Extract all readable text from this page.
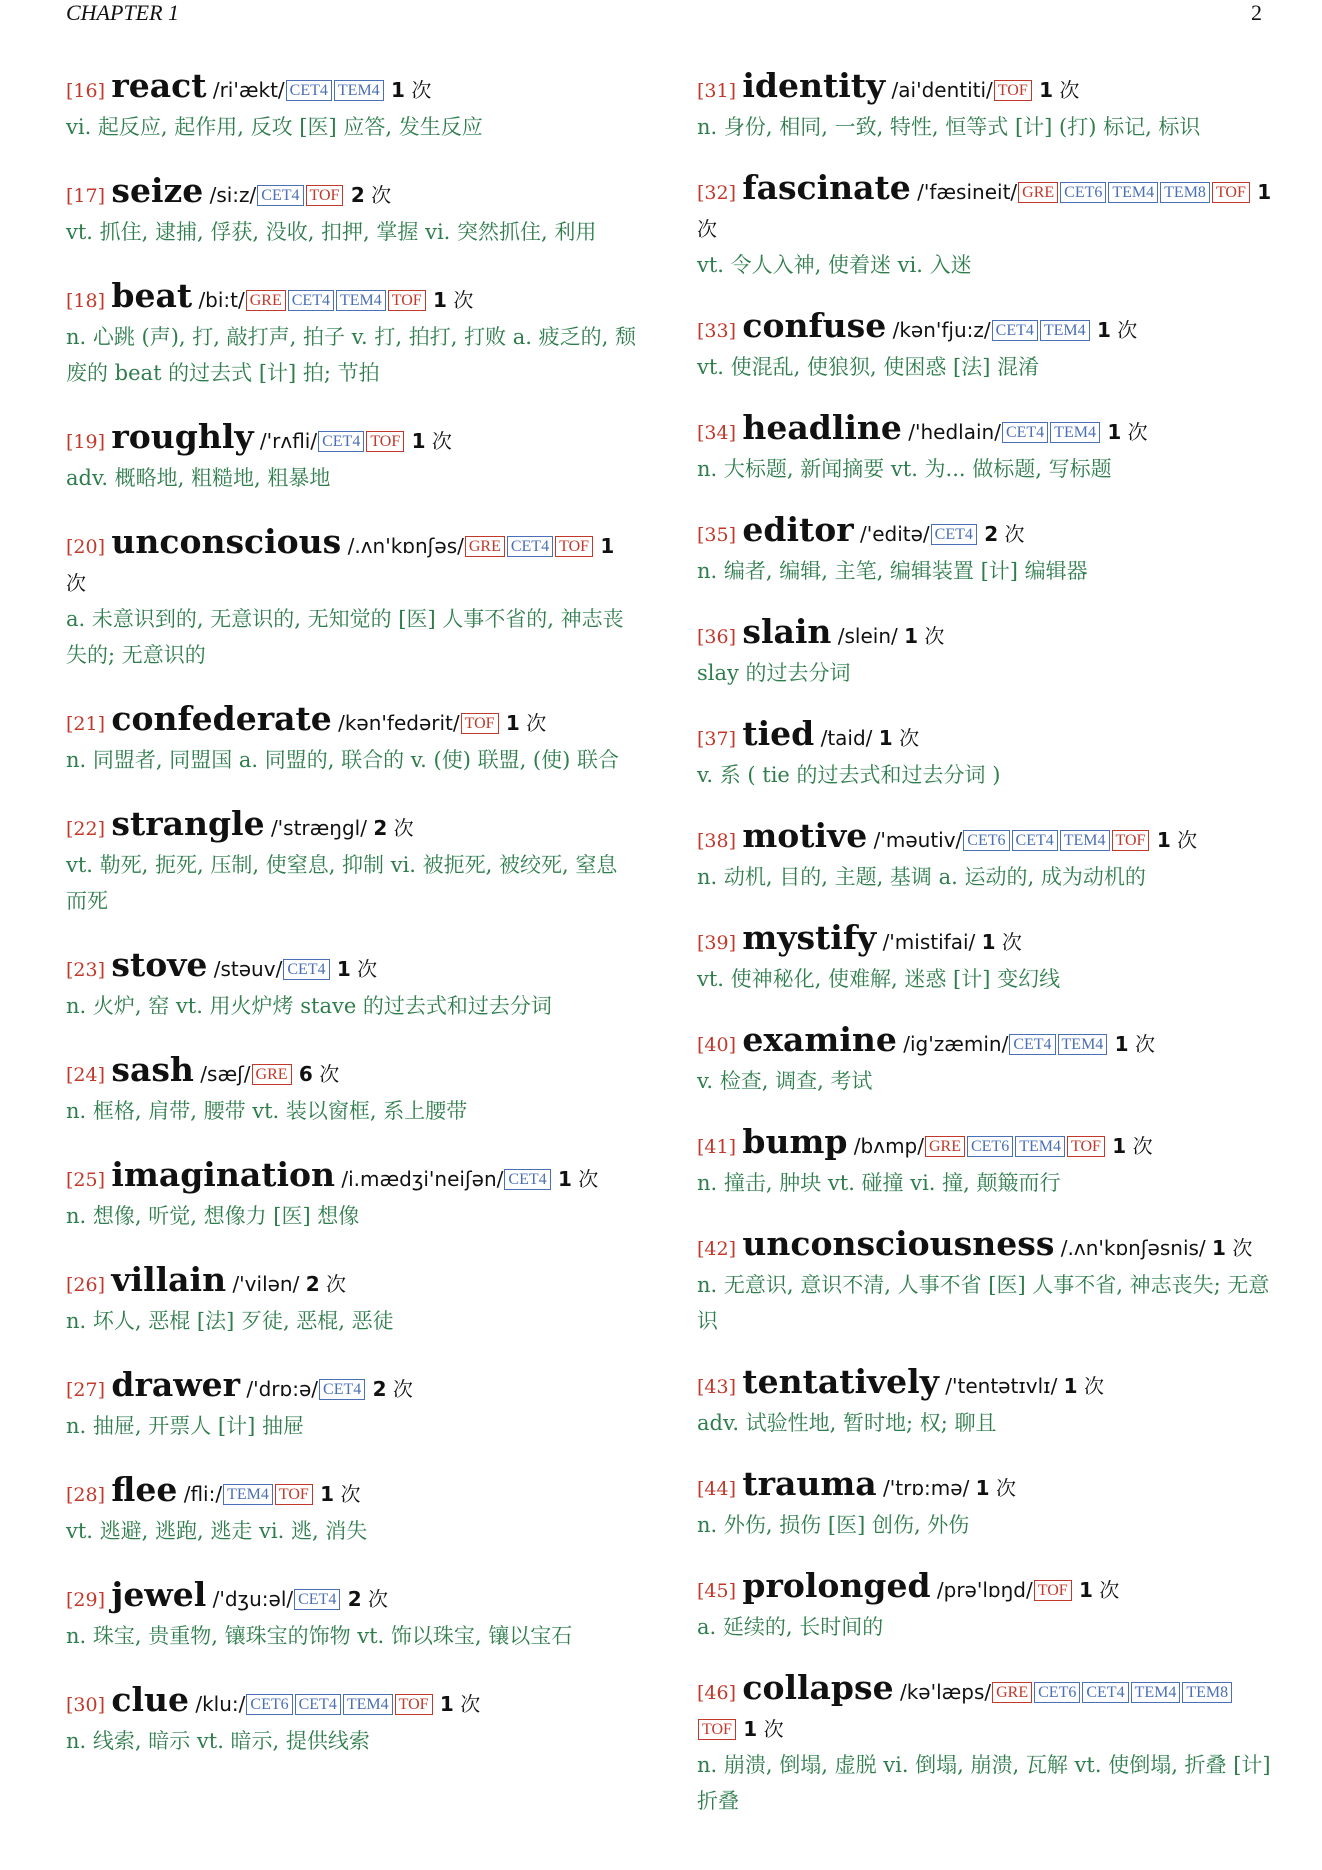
CHAPTER 1	2
[16] react /ri'ækt/ CET4 TEM4 1 次
vi. 起反应, 起作用, 反攻 [医] 应答, 发生反应
[17] seize /si:z/ CET4 TOF 2 次
vt. 抓住, 逮捕, 俘获, 没收, 扣押, 掌握 vi. 突然抓住, 利用
[18] beat /bi:t/ GRE CET4 TEM4 TOF 1 次
n. 心跳 (声), 打, 敲打声, 拍子 v. 打, 拍打, 打败 a. 疲乏的, 颓废的 beat 的过去式 [计] 拍; 节拍
[19] roughly /'rʌfli/ CET4 TOF 1 次
adv. 概略地, 粗糙地, 粗暴地
[20] unconscious /.ʌn'kɒnʃəs/ GRE CET4 TOF 1 次
a. 未意识到的, 无意识的, 无知觉的 [医] 人事不省的, 神志丧失的; 无意识的
[21] confederate /kən'fedərit/ TOF 1 次
n. 同盟者, 同盟国 a. 同盟的, 联合的 v. (使) 联盟, (使) 联合
[22] strangle /'stræŋgl/ 2 次
vt. 勒死, 扼死, 压制, 使窒息, 抑制 vi. 被扼死, 被绞死, 窒息而死
[23] stove /stəuv/ CET4 1 次
n. 火炉, 窑 vt. 用火炉烤 stave 的过去式和过去分词
[24] sash /sæʃ/ GRE 6 次
n. 框格, 肩带, 腰带 vt. 装以窗框, 系上腰带
[25] imagination /i.mædʒi'neiʃən/ CET4 1 次
n. 想像, 听觉, 想像力 [医] 想像
[26] villain /'vilən/ 2 次
n. 坏人, 恶棍 [法] 歹徒, 恶棍, 恶徒
[27] drawer /'drɒ:ə/ CET4 2 次
n. 抽屉, 开票人 [计] 抽屉
[28] flee /fli:/ TEM4 TOF 1 次
vt. 逃避, 逃跑, 逃走 vi. 逃, 消失
[29] jewel /'dʒu:əl/ CET4 2 次
n. 珠宝, 贵重物, 镶珠宝的饰物 vt. 饰以珠宝, 镶以宝石
[30] clue /klu:/ CET6 CET4 TEM4 TOF 1 次
n. 线索, 暗示 vt. 暗示, 提供线索
[31] identity /ai'dentiti/ TOF 1 次
n. 身份, 相同, 一致, 特性, 恒等式 [计] (打) 标记, 标识
[32] fascinate /'fæsineit/ GRE CET6 TEM4 TEM8 TOF 1 次
vt. 令人入神, 使着迷 vi. 入迷
[33] confuse /kən'fju:z/ CET4 TEM4 1 次
vt. 使混乱, 使狼狈, 使困惑 [法] 混淆
[34] headline /'hedlain/ CET4 TEM4 1 次
n. 大标题, 新闻摘要 vt. 为... 做标题, 写标题
[35] editor /'editə/ CET4 2 次
n. 编者, 编辑, 主笔, 编辑装置 [计] 编辑器
[36] slain /slein/ 1 次
slay 的过去分词
[37] tied /taid/ 1 次
v. 系 ( tie 的过去式和过去分词 )
[38] motive /'məutiv/ CET6 CET4 TEM4 TOF 1 次
n. 动机, 目的, 主题, 基调 a. 运动的, 成为动机的
[39] mystify /'mistifai/ 1 次
vt. 使神秘化, 使难解, 迷惑 [计] 变幻线
[40] examine /ig'zæmin/ CET4 TEM4 1 次
v. 检查, 调查, 考试
[41] bump /bʌmp/ GRE CET6 TEM4 TOF 1 次
n. 撞击, 肿块 vt. 碰撞 vi. 撞, 颠簸而行
[42] unconsciousness /.ʌn'kɒnʃəsnis/ 1 次
n. 无意识, 意识不清, 人事不省 [医] 人事不省, 神志丧失; 无意识
[43] tentatively /'tentətɪvlɪ/ 1 次
adv. 试验性地, 暂时地; 权; 聊且
[44] trauma /'trɒ:mə/ 1 次
n. 外伤, 损伤 [医] 创伤, 外伤
[45] prolonged /prə'lɒŋd/ TOF 1 次
a. 延续的, 长时间的
[46] collapse /kə'læps/ GRE CET6 CET4 TEM4 TEM8TOF 1 次
n. 崩溃, 倒塌, 虚脱 vi. 倒塌, 崩溃, 瓦解 vt. 使倒塌, 折叠 [计] 折叠
